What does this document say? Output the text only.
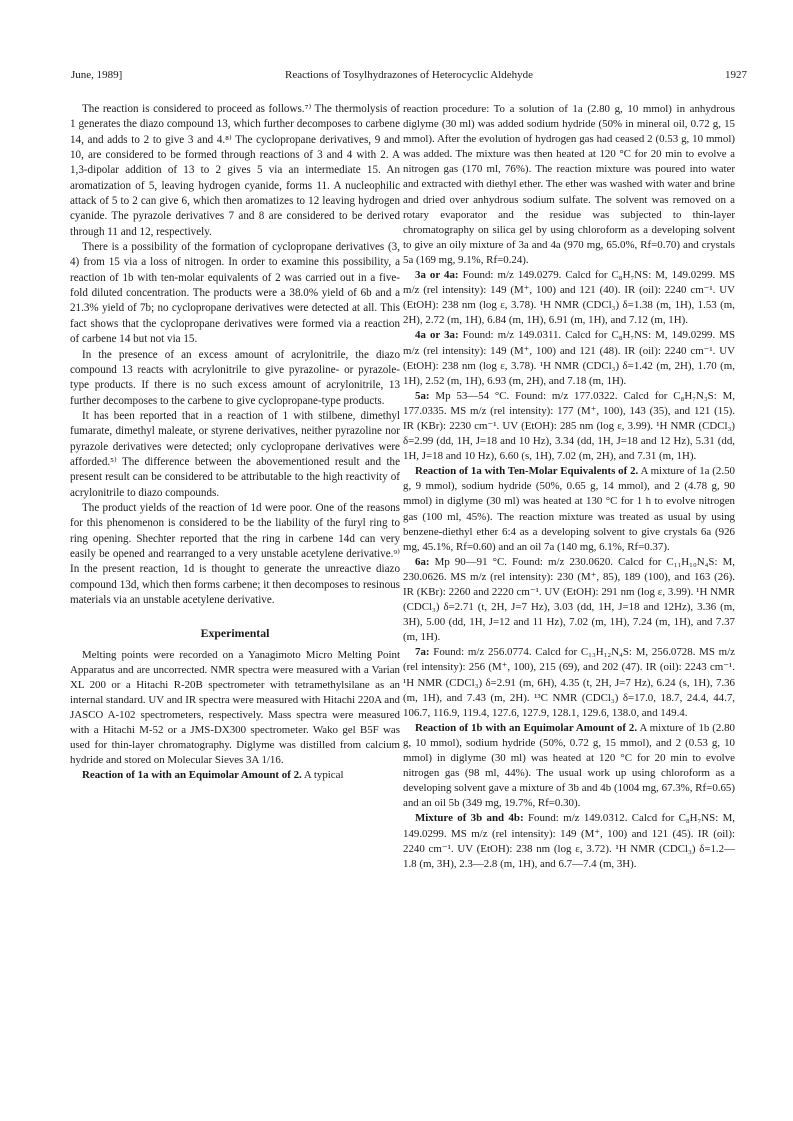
June, 1989]	Reactions of Tosylhydrazones of Heterocyclic Aldehyde	1927

The reaction is considered to proceed as follows.⁷⁾ The thermolysis of 1 generates the diazo compound 13, which further decomposes to carbene 14, and adds to 2 to give 3 and 4.⁸⁾ The cyclopropane derivatives, 9 and 10, are considered to be formed through reactions of 3 and 4 with 2. A 1,3-dipolar addition of 13 to 2 gives 5 via an intermediate 15. An aromatization of 5, leaving hydrogen cyanide, forms 11. A nucleophilic attack of 5 to 2 can give 6, which then aromatizes to 12 leaving hydrogen cyanide. The pyrazole derivatives 7 and 8 are considered to be derived through 11 and 12, respectively.

There is a possibility of the formation of cyclopropane derivatives (3, 4) from 15 via a loss of nitrogen. In order to examine this possibility, a reaction of 1b with ten-molar equivalents of 2 was carried out in a five-fold diluted concentration. The products were a 38.0% yield of 6b and a 21.3% yield of 7b; no cyclopropane derivatives were detected at all. This fact shows that the cyclopropane derivatives were formed via a reaction of carbene 14 but not via 15.

In the presence of an excess amount of acrylonitrile, the diazo compound 13 reacts with acrylonitrile to give pyrazoline- or pyrazole-type products. If there is no such excess amount of acrylonitrile, 13 further decomposes to the carbene to give cyclopropane-type products.

It has been reported that in a reaction of 1 with stilbene, dimethyl fumarate, dimethyl maleate, or styrene derivatives, neither pyrazoline nor pyrazole derivatives were detected; only cyclopropane derivatives were afforded.⁵⁾ The difference between the abovementioned result and the present result can be considered to be attributable to the high reactivity of acrylonitrile to diazo compounds.

The product yields of the reaction of 1d were poor. One of the reasons for this phenomenon is considered to be the liability of the furyl ring to ring opening. Shechter reported that the ring in carbene 14d can very easily be opened and rearranged to a very unstable acetylene derivative.⁹⁾ In the present reaction, 1d is thought to generate the unreactive diazo compound 13d, which then forms carbene; it then decomposes to resinous materials via an unstable acetylene derivative.

Experimental

Melting points were recorded on a Yanagimoto Micro Melting Point Apparatus and are uncorrected. NMR spectra were measured with a Varian XL 200 or a Hitachi R-20B spectrometer with tetramethylsilane as an internal standard. UV and IR spectra were measured with Hitachi 220A and JASCO A-102 spectrometers, respectively. Mass spectra were measured with a Hitachi M-52 or a JMS-DX300 spectrometer. Wako gel B5F was used for thin-layer chromatography. Diglyme was distilled from calcium hydride and stored on Molecular Sieves 3A 1/16.

Reaction of 1a with an Equimolar Amount of 2. A typical

reaction procedure: To a solution of 1a (2.80 g, 10 mmol) in anhydrous diglyme (30 ml) was added sodium hydride (50% in mineral oil, 0.72 g, 15 mmol). After the evolution of hydrogen gas had ceased 2 (0.53 g, 10 mmol) was added. The mixture was then heated at 120 °C for 20 min to evolve a nitrogen gas (170 ml, 76%). The reaction mixture was poured into water and extracted with diethyl ether. The ether was washed with water and brine and dried over anhydrous sodium sulfate. The solvent was removed on a rotary evaporator and the residue was subjected to thin-layer chromatography on silica gel by using chloroform as a developing solvent to give an oily mixture of 3a and 4a (970 mg, 65.0%, Rf=0.70) and crystals 5a (169 mg, 9.1%, Rf=0.24).

3a or 4a: Found: m/z 149.0279. Calcd for C₈H₇NS: M, 149.0299. MS m/z (rel intensity): 149 (M⁺, 100) and 121 (40). IR (oil): 2240 cm⁻¹. UV (EtOH): 238 nm (log ε, 3.78). ¹H NMR (CDCl₃) δ=1.38 (m, 1H), 1.53 (m, 2H), 2.72 (m, 1H), 6.84 (m, 1H), 6.91 (m, 1H), and 7.12 (m, 1H).

4a or 3a: Found: m/z 149.0311. Calcd for C₈H₇NS: M, 149.0299. MS m/z (rel intensity): 149 (M⁺, 100) and 121 (48). IR (oil): 2240 cm⁻¹. UV (EtOH): 238 nm (log ε, 3.78). ¹H NMR (CDCl₃) δ=1.42 (m, 2H), 1.70 (m, 1H), 2.52 (m, 1H), 6.93 (m, 2H), and 7.18 (m, 1H).

5a: Mp 53—54 °C. Found: m/z 177.0322. Calcd for C₈H₇N₃S: M, 177.0335. MS m/z (rel intensity): 177 (M⁺, 100), 143 (35), and 121 (15). IR (KBr): 2230 cm⁻¹. UV (EtOH): 285 nm (log ε, 3.99). ¹H NMR (CDCl₃) δ=2.99 (dd, 1H, J=18 and 10 Hz), 3.34 (dd, 1H, J=18 and 12 Hz), 5.31 (dd, 1H, J=18 and 10 Hz), 6.60 (s, 1H), 7.02 (m, 2H), and 7.31 (m, 1H).

Reaction of 1a with Ten-Molar Equivalents of 2. A mixture of 1a (2.50 g, 9 mmol), sodium hydride (50%, 0.65 g, 14 mmol), and 2 (4.78 g, 90 mmol) in diglyme (30 ml) was heated at 130 °C for 1 h to evolve nitrogen gas (100 ml, 45%). The reaction mixture was treated as usual by using benzene-diethyl ether 6:4 as a developing solvent to give crystals 6a (926 mg, 45.1%, Rf=0.60) and an oil 7a (140 mg, 6.1%, Rf=0.37).

6a: Mp 90—91 °C. Found: m/z 230.0620. Calcd for C₁₁H₁₀N₄S: M, 230.0626. MS m/z (rel intensity): 230 (M⁺, 85), 189 (100), and 163 (26). IR (KBr): 2260 and 2220 cm⁻¹. UV (EtOH): 291 nm (log ε, 3.99). ¹H NMR (CDCl₃) δ=2.71 (t, 2H, J=7 Hz), 3.03 (dd, 1H, J=18 and 12Hz), 3.36 (m, 3H), 5.00 (dd, 1H, J=12 and 11 Hz), 7.02 (m, 1H), 7.24 (m, 1H), and 7.37 (m, 1H).

7a: Found: m/z 256.0774. Calcd for C₁₃H₁₂N₄S: M, 256.0728. MS m/z (rel intensity): 256 (M⁺, 100), 215 (69), and 202 (47). IR (oil): 2243 cm⁻¹. ¹H NMR (CDCl₃) δ=2.91 (m, 6H), 4.35 (t, 2H, J=7 Hz), 6.24 (s, 1H), 7.36 (m, 1H), and 7.43 (m, 2H). ¹³C NMR (CDCl₃) δ=17.0, 18.7, 24.4, 44.7, 106.7, 116.9, 119.4, 127.6, 127.9, 128.1, 129.6, 138.0, and 149.4.

Reaction of 1b with an Equimolar Amount of 2. A mixture of 1b (2.80 g, 10 mmol), sodium hydride (50%, 0.72 g, 15 mmol), and 2 (0.53 g, 10 mmol) in diglyme (30 ml) was heated at 120 °C for 20 min to evolve nitrogen gas (98 ml, 44%). The usual work up using chloroform as a developing solvent gave a mixture of 3b and 4b (1004 mg, 67.3%, Rf=0.65) and an oil 5b (349 mg, 19.7%, Rf=0.30).

Mixture of 3b and 4b: Found: m/z 149.0312. Calcd for C₈H₇NS: M, 149.0299. MS m/z (rel intensity): 149 (M⁺, 100) and 121 (45). IR (oil): 2240 cm⁻¹. UV (EtOH): 238 nm (log ε, 3.72). ¹H NMR (CDCl₃) δ=1.2—1.8 (m, 3H), 2.3—2.8 (m, 1H), and 6.7—7.4 (m, 3H).
